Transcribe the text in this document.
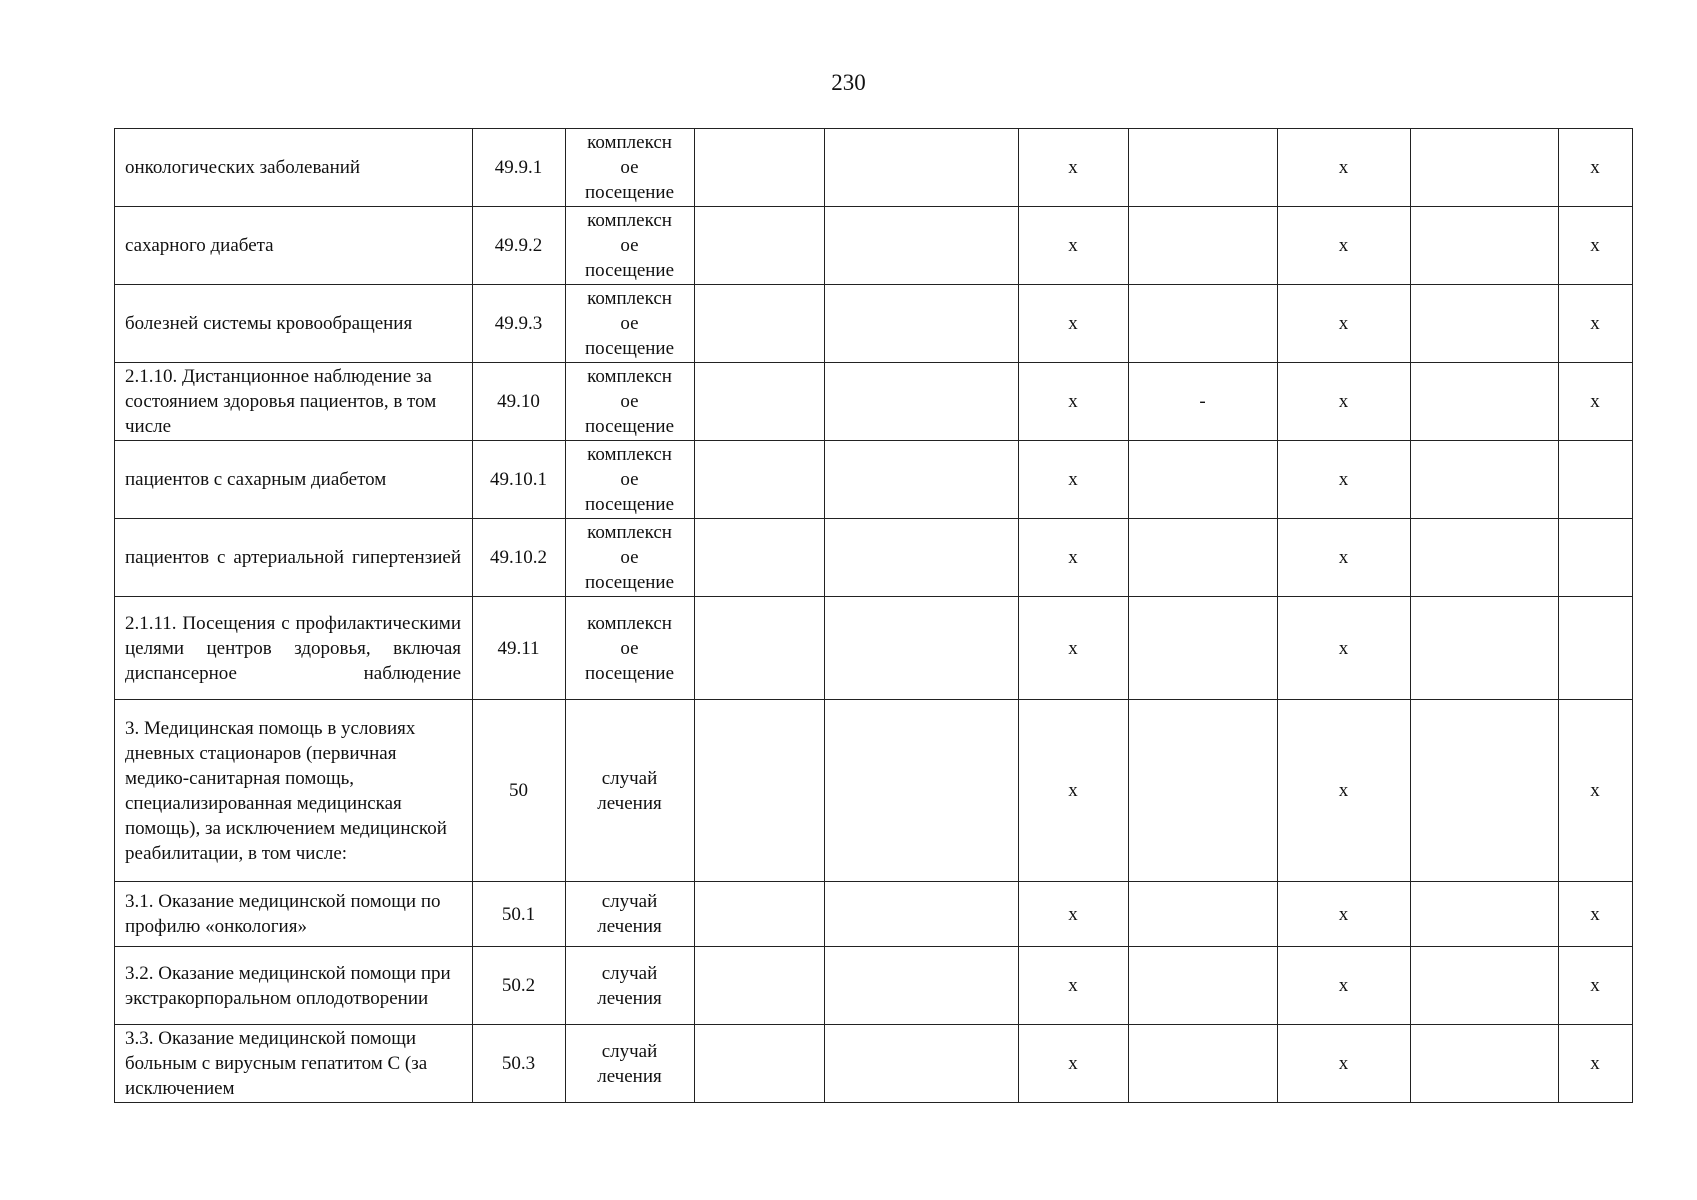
230
онкологических заболеваний	49.9.1	комплексн ое посещение			х		х		х
сахарного диабета	49.9.2	комплексн ое посещение			х		х		х
болезней системы кровообращения	49.9.3	комплексн ое посещение			х		х		х
2.1.10. Дистанционное наблюдение за состоянием здоровья пациентов, в том числе	49.10	комплексн ое посещение			х	-	х		х
пациентов с сахарным диабетом	49.10.1	комплексн ое посещение			х		х		
пациентов с артериальной гипертензией	49.10.2	комплексн ое посещение			х		х		
2.1.11. Посещения с профилактическими целями центров здоровья, включая диспансерное наблюдение	49.11	комплексн ое посещение			х		х		
3. Медицинская помощь в условиях дневных стационаров (первичная медико-санитарная помощь, специализированная медицинская помощь), за исключением медицинской реабилитации, в том числе:	50	случай лечения			х		х		х
3.1. Оказание медицинской помощи по профилю «онкология»	50.1	случай лечения			х		х		х
3.2. Оказание медицинской помощи при экстракорпоральном оплодотворении	50.2	случай лечения			х		х		х
3.3. Оказание медицинской помощи больным с вирусным гепатитом С (за исключением	50.3	случай лечения			х		х		х
